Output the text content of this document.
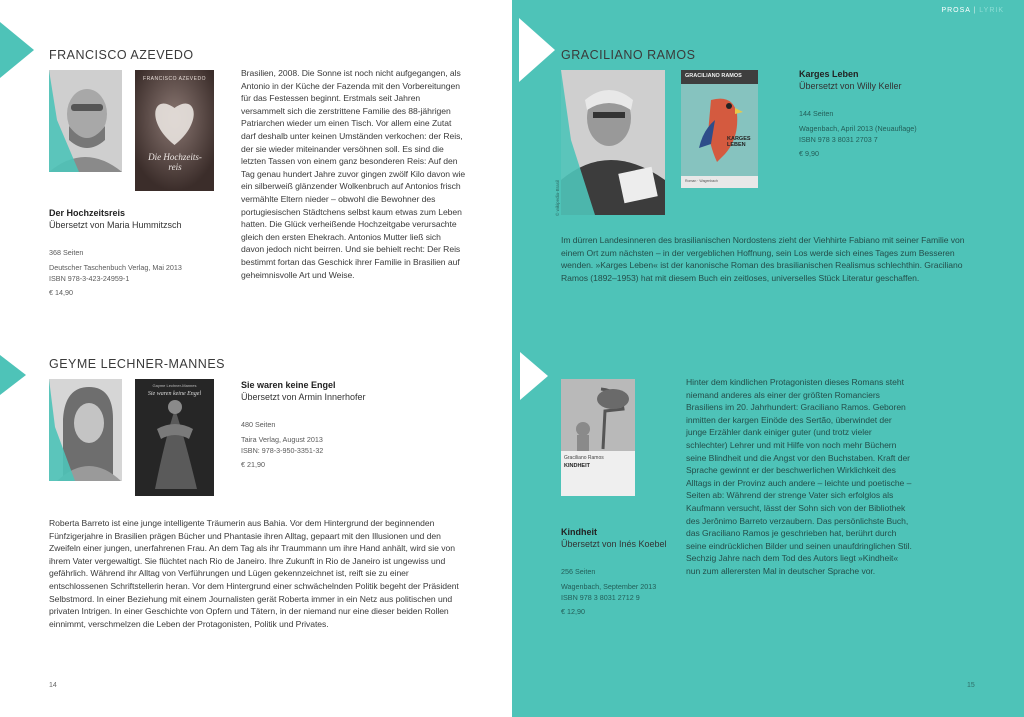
FRANCISCO AZEVEDO
FRANCISCO AZEVEDO
Die Hochzeits-reis
Der Hochzeitsreis
Übersetzt von Maria Hummitzsch
368 Seiten
Deutscher Taschenbuch Verlag, Mai 2013
ISBN 978-3-423-24959-1
€ 14,90

Brasilien, 2008. Die Sonne ist noch nicht aufgegangen, als Antonio in der Küche der Fazenda mit den Vorbereitungen für das Festessen beginnt. Erstmals seit Jahren versammelt sich die zerstrittene Familie des 88-jährigen Patriarchen wieder um einen Tisch. Vor allem eine Zutat darf deshalb unter keinen Umständen verkochen: der Reis, der sie wieder miteinander versöhnen soll. Es sind die letzten Tassen von einem ganz besonderen Reis: Auf den Tag genau hundert Jahre zuvor gingen zwölf Kilo davon wie ein silberweiß glänzender Wolkenbruch auf Antonios frisch vermählte Eltern nieder – obwohl die Bewohner des portugiesischen Städtchens selbst kaum etwas zum Leben hatten. Die Glück verheißende Hochzeitgabe verursachte gleich den ersten Ehekrach. Antonios Mutter ließ sich davon jedoch nicht beirren. Und sie behielt recht: Der Reis bestimmt fortan das Geschick ihrer Familie in Brasilien auf geheimnisvolle Art und Weise.

GEYME LECHNER-MANNES
Gayme Lechner-Mannes
Sie waren keine Engel
Sie waren keine Engel
Übersetzt von Armin Innerhofer
480 Seiten
Taira Verlag, August 2013
ISBN: 978-3-950-3351-32
€ 21,90

Roberta Barreto ist eine junge intelligente Träumerin aus Bahia. Vor dem Hintergrund der beginnenden Fünfzigerjahre in Brasilien prägen Bücher und Phantasie ihren Alltag, gepaart mit den Illusionen und den Zweifeln einer jungen, unerfahrenen Frau. An dem Tag als ihr Traummann um ihre Hand anhält, wird sie von ihrem Vater vergewaltigt. Sie flüchtet nach Rio de Janeiro. Ihre Zukunft in Rio de Janeiro ist ungewiss und gefährlich. Während ihr Alltag von Verführungen und Lügen gekennzeichnet ist, reift sie zu einer entschlossenen Schriftstellerin heran. Vor dem Hintergrund einer schwächelnden Politik begeht der Präsident Selbstmord. In einer Beziehung mit einem Journalisten gerät Roberta immer in ein Netz aus politischen und privaten Intrigen. In einer Geschichte von Opfern und Tätern, in der niemand nur eine dieser beiden Rollen einnimmt, verschmelzen die Leben der Protagonisten, Politik und Privates.

14
PROSA | LYRIK
GRACILIANO RAMOS
© wikipedia-Brasil
GRACILIANO RAMOS
KARGES LEBEN
Roman · Wagenbach
Karges Leben
Übersetzt von Willy Keller
144 Seiten
Wagenbach, April 2013 (Neuauflage)
ISBN 978 3 8031 2703 7
€ 9,90

Im dürren Landesinneren des brasilianischen Nordostens zieht der Viehhirte Fabiano mit seiner Familie von einem Ort zum nächsten – in der vergeblichen Hoffnung, sein Los werde sich eines Tages zum Besseren wenden. »Karges Leben« ist der kanonische Roman des brasilianischen Realismus schlechthin. Graciliano Ramos (1892–1953) hat mit diesem Buch ein zeitloses, universelles Stück Literatur geschaffen.

Graciliano Ramos
KINDHEIT
Kindheit
Übersetzt von Inés Koebel
256 Seiten
Wagenbach, September 2013
ISBN 978 3 8031 2712 9
€ 12,90

Hinter dem kindlichen Protagonisten dieses Romans steht niemand anderes als einer der größten Romanciers Brasiliens im 20. Jahrhundert: Graciliano Ramos. Geboren inmitten der kargen Einöde des Sertão, überwindet der junge Erzähler dank einiger guter (und trotz vieler schlechter) Lehrer und mit Hilfe von noch mehr Büchern seine Blindheit und die Angst vor den Buchstaben. Kraft der Sprache gewinnt er der beschwerlichen Wirklichkeit des Alltags in der Provinz auch andere – leichte und poetische – Seiten ab: Während der strenge Vater sich erfolglos als Kaufmann versucht, lässt der Sohn sich von der Bibliothek des Jerônimo Barreto verzaubern. Das persönlichste Buch, das Graciliano Ramos je geschrieben hat, berührt durch seine eindrücklichen Bilder und seinen unaufdringlichen Stil. Sechzig Jahre nach dem Tod des Autors liegt »Kindheit« nun zum allerersten Mal in deutscher Sprache vor.

15
